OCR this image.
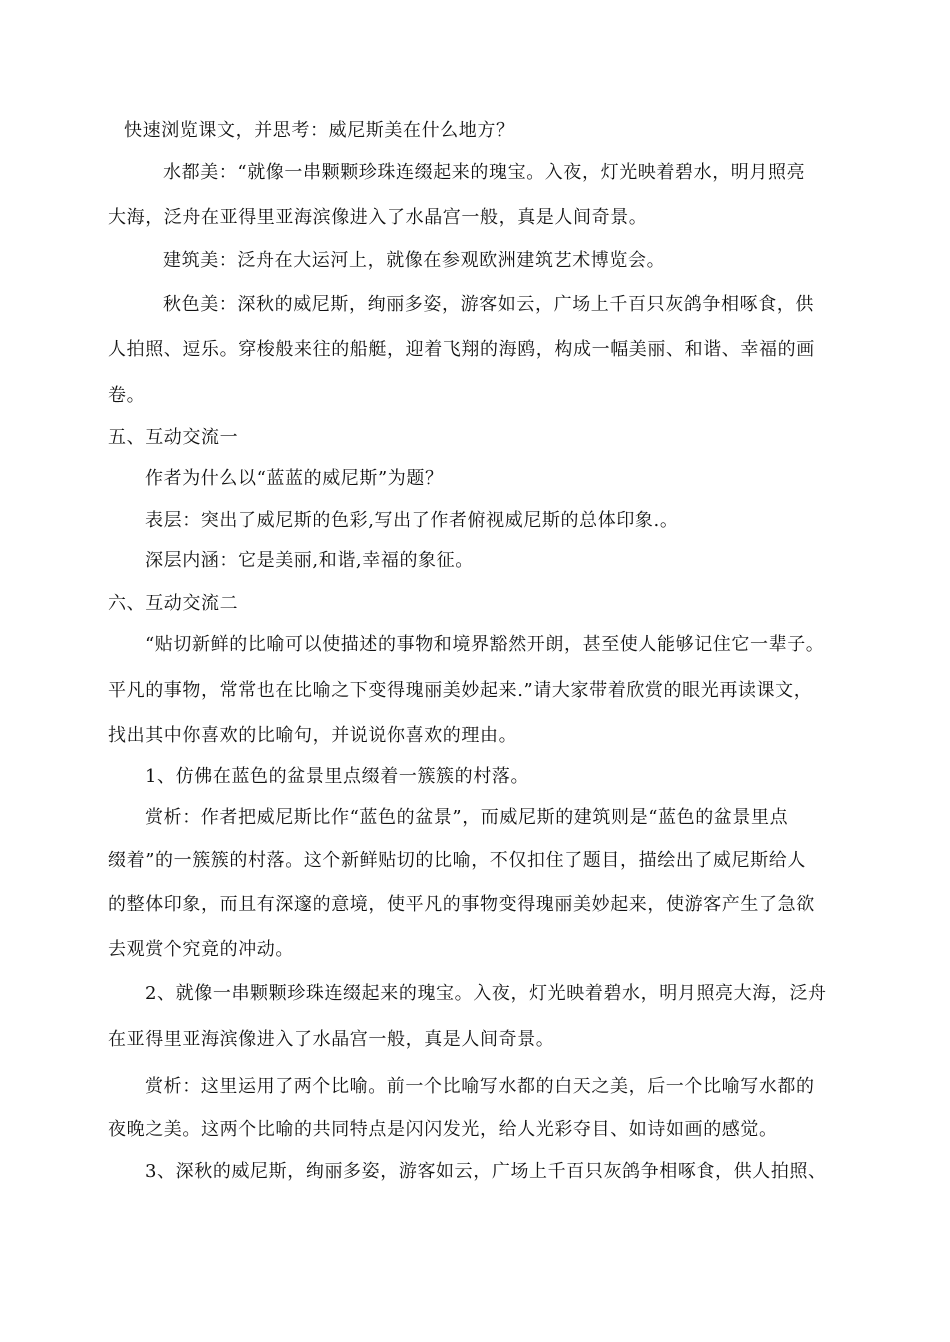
快速浏览课文，并思考：威尼斯美在什么地方？
水都美：“就像一串颗颗珍珠连缀起来的瑰宝。入夜，灯光映着碧水，明月照亮
大海，泛舟在亚得里亚海滨像进入了水晶宫一般，真是人间奇景。
建筑美：泛舟在大运河上，就像在参观欧洲建筑艺术博览会。
秋色美：深秋的威尼斯，绚丽多姿，游客如云，广场上千百只灰鸽争相啄食，供
人拍照、逗乐。穿梭般来往的船艇，迎着飞翔的海鸥，构成一幅美丽、和谐、幸福的画
卷。
五、互动交流一
作者为什么以“蓝蓝的威尼斯”为题？
表层：突出了威尼斯的色彩,写出了作者俯视威尼斯的总体印象.。
深层内涵：它是美丽,和谐,幸福的象征。
六、互动交流二
“贴切新鲜的比喻可以使描述的事物和境界豁然开朗，甚至使人能够记住它一辈子。
平凡的事物，常常也在比喻之下变得瑰丽美妙起来.”请大家带着欣赏的眼光再读课文，
找出其中你喜欢的比喻句，并说说你喜欢的理由。
1、仿佛在蓝色的盆景里点缀着一簇簇的村落。
赏析：作者把威尼斯比作“蓝色的盆景”，而威尼斯的建筑则是“蓝色的盆景里点
缀着”的一簇簇的村落。这个新鲜贴切的比喻，不仅扣住了题目，描绘出了威尼斯给人
的整体印象，而且有深邃的意境，使平凡的事物变得瑰丽美妙起来，使游客产生了急欲
去观赏个究竟的冲动。
2、就像一串颗颗珍珠连缀起来的瑰宝。入夜，灯光映着碧水，明月照亮大海，泛舟
在亚得里亚海滨像进入了水晶宫一般，真是人间奇景。
赏析：这里运用了两个比喻。前一个比喻写水都的白天之美，后一个比喻写水都的
夜晚之美。这两个比喻的共同特点是闪闪发光，给人光彩夺目、如诗如画的感觉。
3、深秋的威尼斯，绚丽多姿，游客如云，广场上千百只灰鸽争相啄食，供人拍照、
